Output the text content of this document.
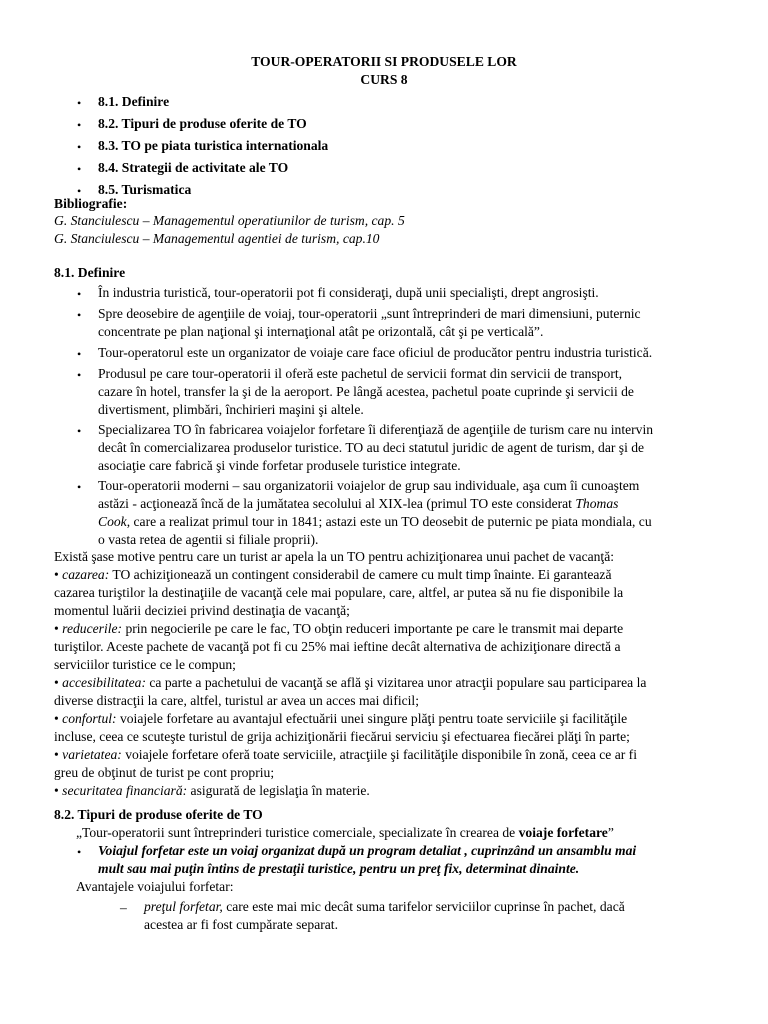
TOUR-OPERATORII SI PRODUSELE LOR
CURS 8
• 8.1. Definire
• 8.2. Tipuri de produse oferite de TO
• 8.3. TO pe piata turistica internationala
• 8.4. Strategii de activitate ale TO
• 8.5. Turismatica
Bibliografie:
G. Stanciulescu – Managementul operatiunilor de turism, cap. 5
G. Stanciulescu – Managementul agentiei de turism, cap.10
8.1. Definire
• În industria turistică, tour-operatorii pot fi consideraţi, după unii specialişti, drept angrosişti.
• Spre deosebire de agenţiile de voiaj, tour-operatorii „sunt întreprinderi de mari dimensiuni, puternic
concentrate pe plan naţional şi internaţional atât pe orizontală, cât şi pe verticală”.
• Tour-operatorul este un organizator de voiaje care face oficiul de producător pentru industria turistică.
• Produsul pe care tour-operatorii il oferă este pachetul de servicii format din servicii de transport,
cazare în hotel, transfer la şi de la aeroport. Pe lângă acestea, pachetul poate cuprinde şi servicii de
divertisment, plimbări, închirieri maşini şi altele.
• Specializarea TO în fabricarea voiajelor forfetare îi diferenţiază de agenţiile de turism care nu intervin
decât în comercializarea produselor turistice. TO au deci statutul juridic de agent de turism, dar şi de
asociaţie care fabrică şi vinde forfetar produsele turistice integrate.
• Tour-operatorii moderni – sau organizatorii voiajelor de grup sau individuale, aşa cum îi cunoaştem
astăzi - acţionează încă de la jumătatea secolului al XIX-lea (primul TO este considerat Thomas
Cook, care a realizat primul tour in 1841; astazi este un TO deosebit de puternic pe piata mondiala, cu
o vasta retea de agentii si filiale proprii).
Există şase motive pentru care un turist ar apela la un TO pentru achiziţionarea unui pachet de vacanţă:
• cazarea: TO achiziţionează un contingent considerabil de camere cu mult timp înainte. Ei garantează
cazarea turiştilor la destinaţiile de vacanţă cele mai populare, care, altfel, ar putea să nu fie disponibile la
momentul luării deciziei privind destinaţia de vacanţă;
• reducerile: prin negocierile pe care le fac, TO obţin reduceri importante pe care le transmit mai departe
turiştilor. Aceste pachete de vacanţă pot fi cu 25% mai ieftine decât alternativa de achiziţionare directă a
serviciilor turistice ce le compun;
• accesibilitatea: ca parte a pachetului de vacanţă se află şi vizitarea unor atracţii populare sau participarea la
diverse distracţii la care, altfel, turistul ar avea un acces mai dificil;
• confortul: voiajele forfetare au avantajul efectuării unei singure plăţi pentru toate serviciile şi facilităţile
incluse, ceea ce scuteşte turistul de grija achiziţionării fiecărui serviciu şi efectuarea fiecărei plăţi în parte;
• varietatea: voiajele forfetare oferă toate serviciile, atracţiile şi facilităţile disponibile în zonă, ceea ce ar fi
greu de obţinut de turist pe cont propriu;
• securitatea financiară: asigurată de legislaţia în materie.
8.2. Tipuri de produse oferite de TO
„Tour-operatorii sunt întreprinderi turistice comerciale, specializate în crearea de voiaje forfetare”
• Voiajul forfetar este un voiaj organizat după un program detaliat , cuprinzând un ansamblu mai
mult sau mai puţin întins de prestaţii turistice, pentru un preţ fix, determinat dinainte.
Avantajele voiajului forfetar:
– preţul forfetar, care este mai mic decât suma tarifelor serviciilor cuprinse în pachet, dacă
acestea ar fi fost cumpărate separat.
